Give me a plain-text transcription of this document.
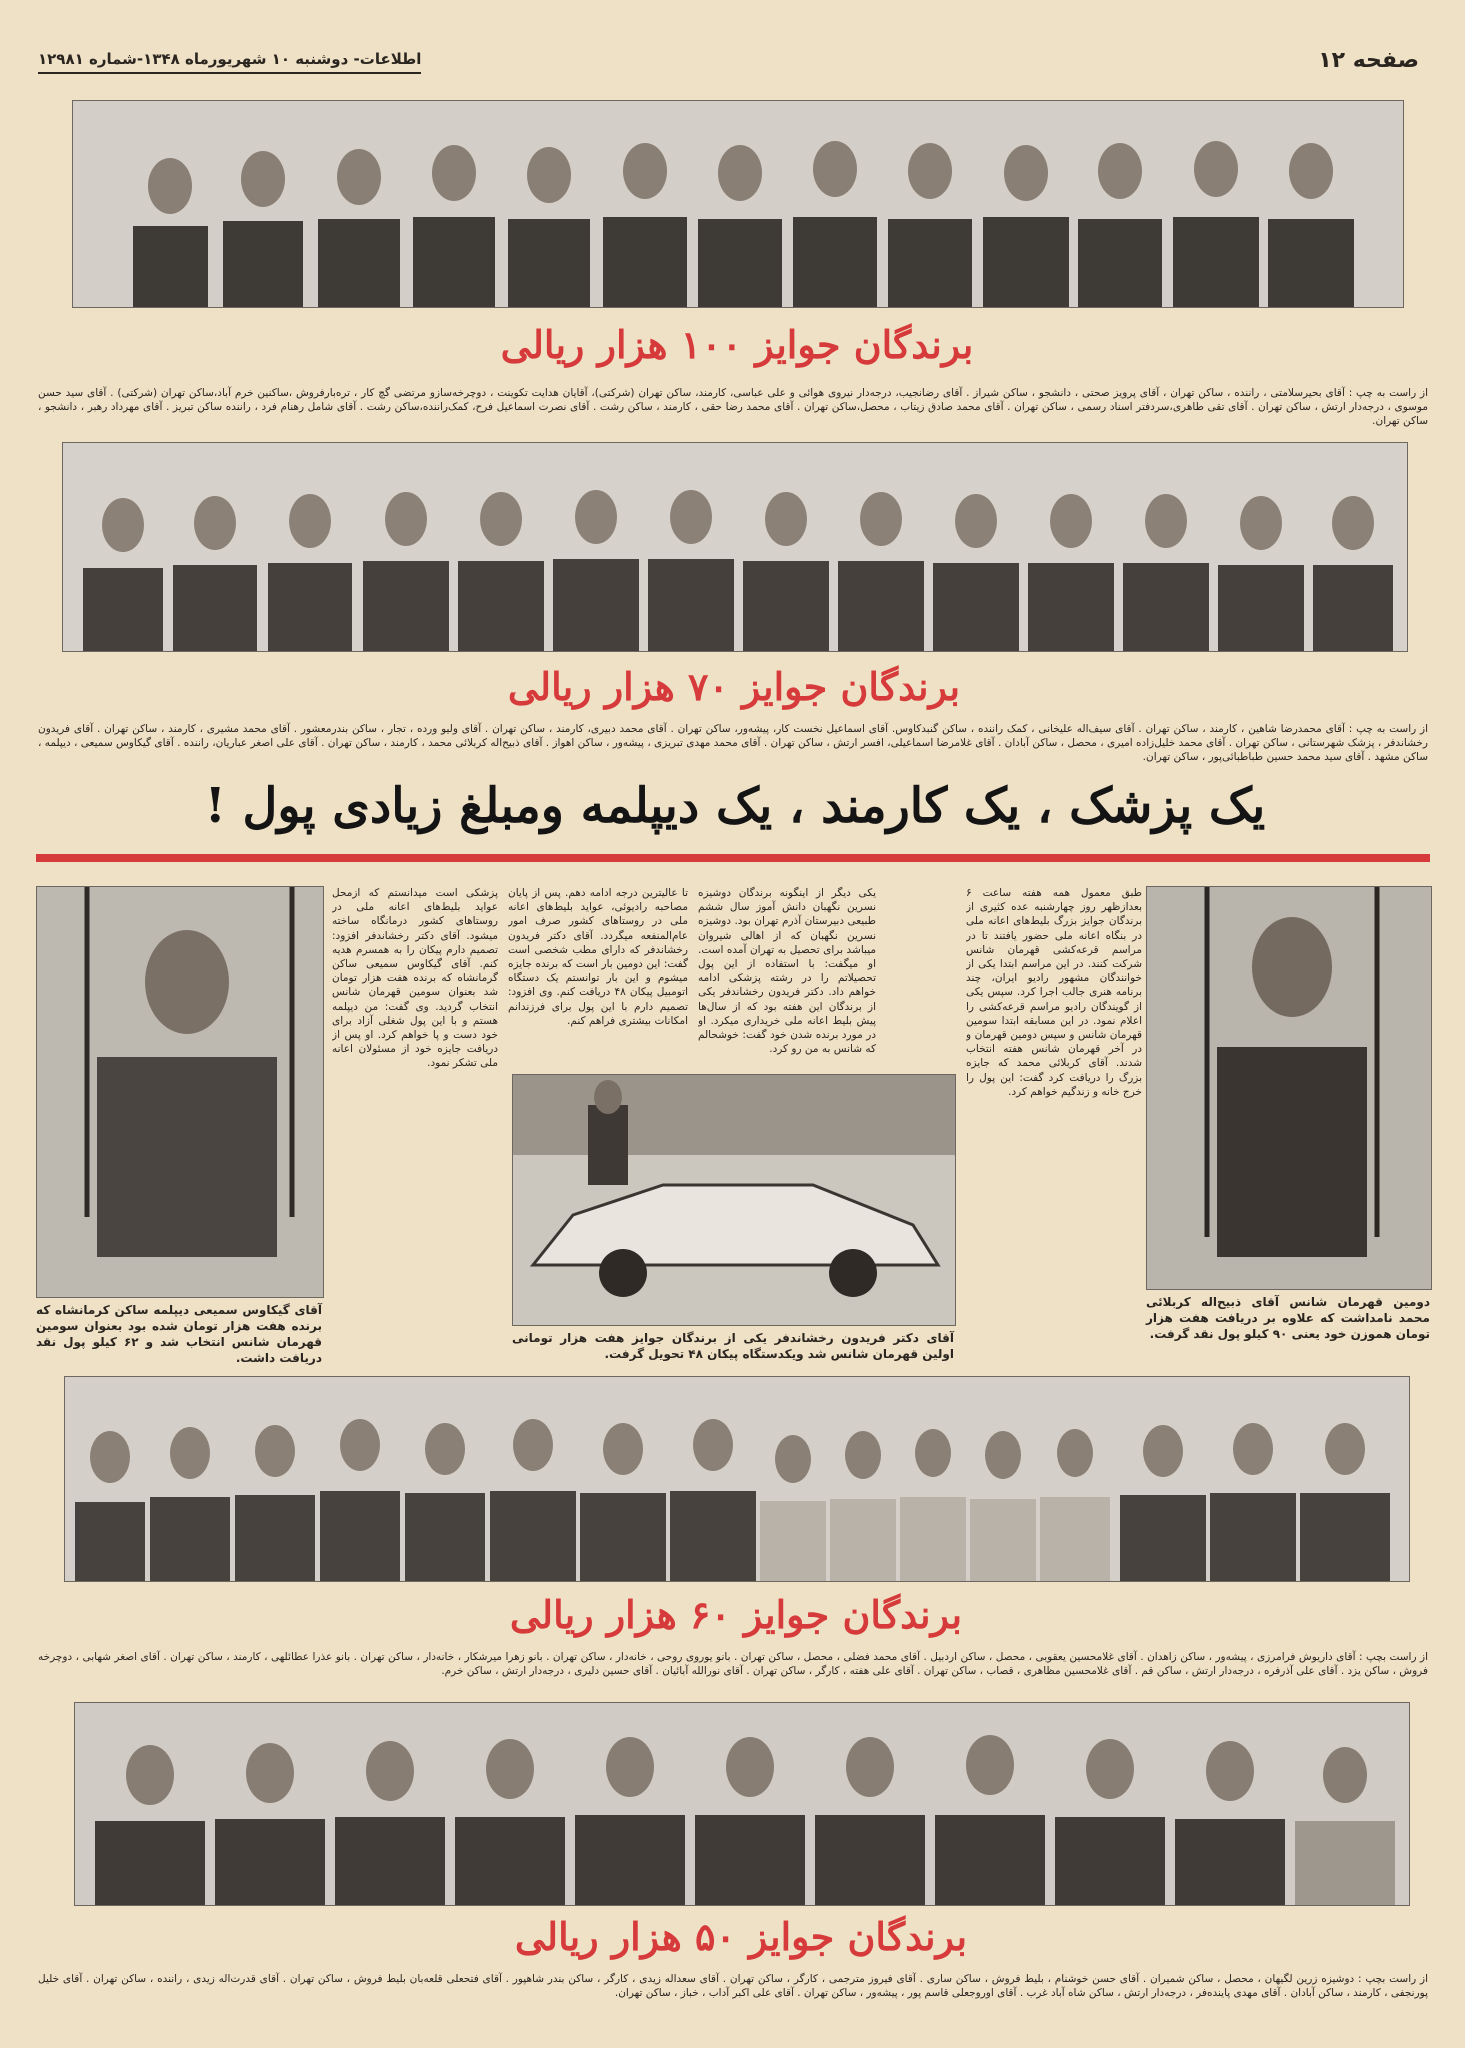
صفحه ۱۲
اطلاعات- دوشنبه ۱۰ شهریورماه ۱۳۴۸-شماره ۱۲۹۸۱
برندگان جوایز ۱۰۰ هزار ریالی
از راست به چپ : آقای بحیرسلامتی ، راننده ، ساکن تهران ، آقای پرویز صحتی ، دانشجو ، ساکن شیراز . آقای رضانجیب، درجه‌دار نیروی هوائی و علی عباسی، کارمند، ساکن تهران (شرکتی)، آقایان هدایت تکوینت ، دوچرخه‌سازو مرتضی گچ کار ، تره‌بارفروش ،ساکنین خرم آباد،ساکن تهران (شرکتی) . آقای سید حسن موسوی ، درجه‌دار ارتش ، ساکن تهران . آقای تقی طاهری،سردفتر اسناد رسمی ، ساکن تهران . آقای محمد صادق زیتاب ، محصل،ساکن تهران . آقای محمد رضا حقی ، کارمند ، ساکن رشت . آقای نصرت اسماعیل فرح، کمک‌راننده،ساکن رشت . آقای شامل رهنام فرد ، راننده ساکن تبریز . آقای مهرداد رهبر ، دانشجو ، ساکن تهران.
برندگان جوایز ۷۰ هزار ریالی
از راست به چپ : آقای محمدرضا شاهین ، کارمند ، ساکن تهران . آقای سیف‌اله علیخانی ، کمک راننده ، ساکن گنبدکاوس. آقای اسماعیل نخست کار، پیشه‌ور، ساکن تهران . آقای محمد دبیری، کارمند ، ساکن تهران . آقای ولیو ورده ، تجار ، ساکن بندرمعشور . آقای محمد مشیری ، کارمند ، ساکن تهران . آقای فریدون رخشاندفر ، پزشک شهرستانی ، ساکن تهران . آقای محمد خلیل‌زاده امیری ، محصل ، ساکن آبادان . آقای غلامرضا اسماعیلی، افسر ارتش ، ساکن تهران . آقای محمد مهدی تبریزی ، پیشه‌ور ، ساکن اهواز . آقای ذبیح‌اله کربلائی محمد ، کارمند ، ساکن تهران . آقای علی اصغر عباریان، راننده . آقای گیکاوس سمیعی ، دیپلمه ، ساکن مشهد . آقای سید محمد حسین طباطبائی‌پور ، ساکن تهران.
یک پزشک ، یک کارمند ، یک دیپلمه ومبلغ زیادی پول !
آقای گیکاوس سمیعی دیپلمه ساکن کرمانشاه که برنده هفت هزار تومان شده بود بعنوان سومین قهرمان شانس انتخاب شد و ۶۲ کیلو پول نقد دریافت داشت.
پزشکی است میدانستم که ازمحل عواید بلیط‌های اعانه ملی در روستاهای کشور درمانگاه ساخته میشود. آقای دکتر رخشاندفر افزود: تصمیم دارم پیکان را به همسرم هدیه کنم. آقای گیکاوس سمیعی ساکن گرمانشاه که برنده هفت هزار تومان شد بعنوان سومین قهرمان شانس انتخاب گردید. وی گفت: من دیپلمه هستم و با این پول شغلی آزاد برای خود دست و پا خواهم کرد. او پس از دریافت جایزه خود از مسئولان اعانه ملی تشکر نمود.
تا عالیترین درجه ادامه دهم. پس از پایان مصاحبه رادیوئی، عواید بلیط‌های اعانه ملی در روستاهای کشور صرف امور عام‌المنفعه میگردد. آقای دکتر فریدون رخشاندفر که دارای مطب شخصی است گفت: این دومین بار است که برنده جایزه میشوم و این بار توانستم یک دستگاه اتومبیل پیکان ۴۸ دریافت کنم. وی افزود: تصمیم دارم با این پول برای فرزندانم امکانات بیشتری فراهم کنم.
یکی دیگر از اینگونه برندگان دوشیزه نسرین نگهبان دانش آموز سال ششم طبیعی دبیرستان آذرم تهران بود. دوشیزه نسرین نگهبان که از اهالی شیروان میباشد برای تحصیل به تهران آمده است. او میگفت: با استفاده از این پول تحصیلاتم را در رشته پزشکی ادامه خواهم داد. دکتر فریدون رخشاندفر یکی از برندگان این هفته بود که از سال‌ها پیش بلیط اعانه ملی خریداری میکرد. او در مورد برنده شدن خود گفت: خوشحالم که شانس به من رو کرد.
آقای دکتر فریدون رخشاندفر یکی از برندگان جوایز هفت هزار تومانی اولین قهرمان شانس شد ویکدستگاه پیکان ۴۸ تحویل گرفت.
طبق معمول همه هفته ساعت ۶ بعدازظهر روز چهارشنبه عده کثیری از برندگان جوایز بزرگ بلیط‌های اعانه ملی در بنگاه اعانه ملی حضور یافتند تا در مراسم قرعه‌کشی قهرمان شانس شرکت کنند. در این مراسم ابتدا یکی از خوانندگان مشهور رادیو ایران، چند برنامه هنری جالب اجرا کرد. سپس یکی از گویندگان رادیو مراسم قرعه‌کشی را اعلام نمود. در این مسابقه ابتدا سومین قهرمان شانس و سپس دومین قهرمان و در آخر قهرمان شانس هفته انتخاب شدند. آقای کربلائی محمد که جایزه بزرگ را دریافت کرد گفت: این پول را خرج خانه و زندگیم خواهم کرد.
دومین قهرمان شانس آقای ذبیح‌اله کربلائی محمد نامداشت که علاوه بر دریافت هفت هزار تومان هموزن خود یعنی ۹۰ کیلو پول نقد گرفت.
برندگان جوایز ۶۰ هزار ریالی
از راست بچپ : آقای داریوش فرامرزی ، پیشه‌ور ، ساکن زاهدان . آقای غلامحسین یعقوبی ، محصل ، ساکن اردبیل . آقای محمد فضلی ، محصل ، ساکن تهران . بانو یوروی روحی ، خانه‌دار ، ساکن تهران . بانو زهرا میرشکار ، خانه‌دار ، ساکن تهران . بانو عذرا عطائلهی ، کارمند ، ساکن تهران . آقای اصغر شهابی ، دوچرخه فروش ، ساکن یزد . آقای علی آذرفره ، درجه‌دار ارتش ، ساکن قم . آقای غلامحسین مظاهری ، قصاب ، ساکن تهران . آقای علی هفته ، کارگر ، ساکن تهران . آقای نورالله آبائیان . آقای حسین دلیری ، درجه‌دار ارتش ، ساکن خرم.
برندگان جوایز ۵۰ هزار ریالی
از راست بچپ : دوشیزه زرین لگیهان ، محصل ، ساکن شمیران . آقای حسن خوشنام ، بلیط فروش ، ساکن ساری . آقای فیروز مترجمی ، کارگر ، ساکن تهران . آقای سعداله زیدی ، کارگر ، ساکن بندر شاهپور . آقای فتحعلی قلعه‌بان بلیط فروش ، ساکن تهران . آقای قدرت‌اله زیدی ، راننده ، ساکن تهران . آقای خلیل پورنجفی ، کارمند ، ساکن آبادان . آقای مهدی پاینده‌فر ، درجه‌دار ارتش ، ساکن شاه آباد غرب . آقای اوروجعلی قاسم پور ، پیشه‌ور ، ساکن تهران . آقای علی اکبر آداب ، خباز ، ساکن تهران.
